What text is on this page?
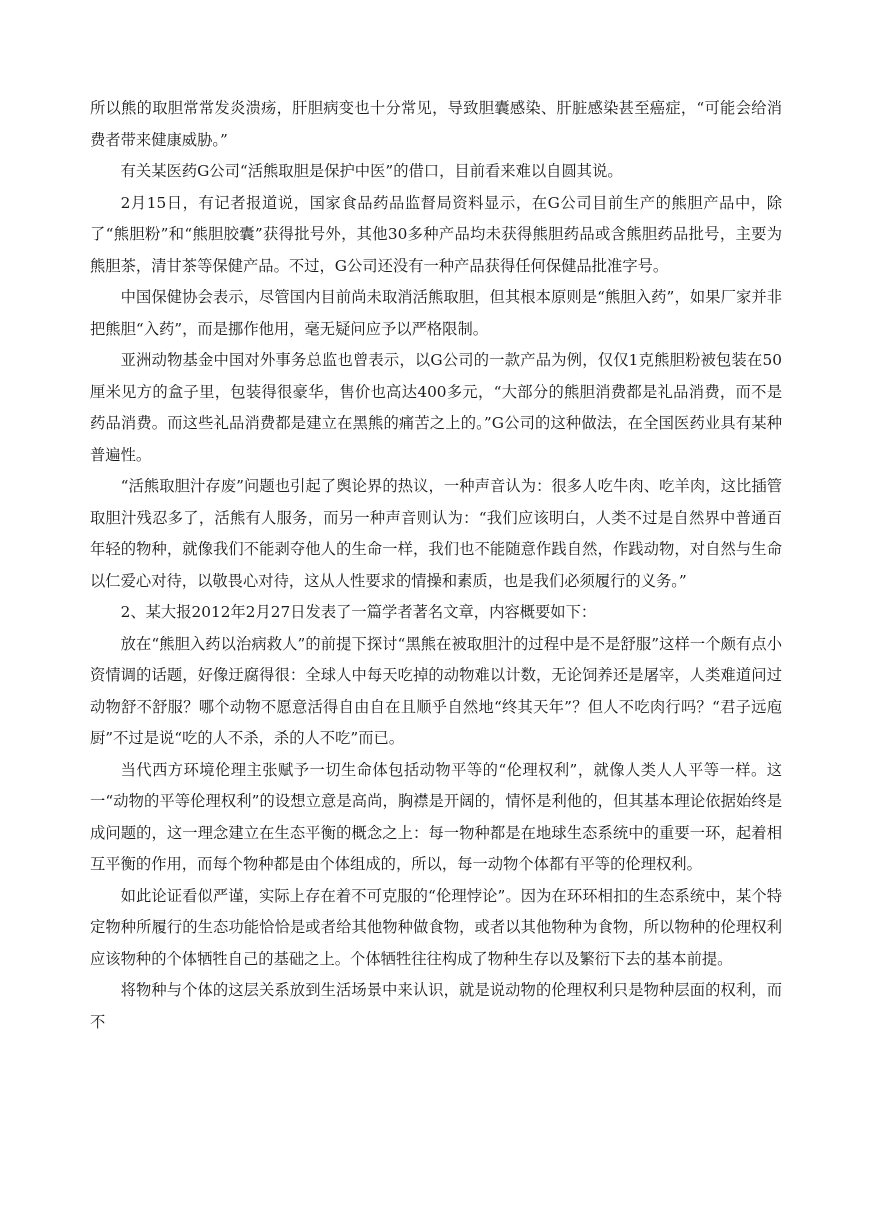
所以熊的取胆常常发炎溃疡，肝胆病变也十分常见，导致胆囊感染、肝脏感染甚至癌症，“可能会给消费者带来健康威胁。”

有关某医药G公司“活熊取胆是保护中医”的借口，目前看来难以自圆其说。

2月15日，有记者报道说，国家食品药品监督局资料显示，在G公司目前生产的熊胆产品中，除了“熊胆粉”和“熊胆胶囊”获得批号外，其他30多种产品均未获得熊胆药品或含熊胆药品批号，主要为熊胆茶，清甘茶等保健产品。不过，G公司还没有一种产品获得任何保健品批准字号。

中国保健协会表示，尽管国内目前尚未取消活熊取胆，但其根本原则是“熊胆入药”，如果厂家并非把熊胆“入药”，而是挪作他用，毫无疑问应予以严格限制。

亚洲动物基金中国对外事务总监也曾表示，以G公司的一款产品为例，仅仅1克熊胆粉被包装在50厘米见方的盒子里，包装得很豪华，售价也高达400多元，“大部分的熊胆消费都是礼品消费，而不是药品消费。而这些礼品消费都是建立在黑熊的痛苦之上的。”G公司的这种做法，在全国医药业具有某种普遍性。

“活熊取胆汁存废”问题也引起了舆论界的热议，一种声音认为：很多人吃牛肉、吃羊肉，这比插管取胆汁残忍多了，活熊有人服务，而另一种声音则认为：“我们应该明白，人类不过是自然界中普通百年轻的物种，就像我们不能剥夺他人的生命一样，我们也不能随意作践自然，作践动物，对自然与生命以仁爱心对待，以敬畏心对待，这从人性要求的情操和素质，也是我们必须履行的义务。”

2、某大报2012年2月27日发表了一篇学者著名文章，内容概要如下：

放在“熊胆入药以治病救人”的前提下探讨“黑熊在被取胆汁的过程中是不是舒服”这样一个颇有点小资情调的话题，好像迂腐得很：全球人中每天吃掉的动物难以计数，无论饲养还是屠宰，人类难道问过动物舒不舒服？哪个动物不愿意活得自由自在且顺乎自然地“终其天年”？但人不吃肉行吗？“君子远庖厨”不过是说“吃的人不杀，杀的人不吃”而已。

当代西方环境伦理主张赋予一切生命体包括动物平等的“伦理权利”，就像人类人人平等一样。这一“动物的平等伦理权利”的设想立意是高尚，胸襟是开阔的，情怀是利他的，但其基本理论依据始终是成问题的，这一理念建立在生态平衡的概念之上：每一物种都是在地球生态系统中的重要一环，起着相互平衡的作用，而每个物种都是由个体组成的，所以，每一动物个体都有平等的伦理权利。

如此论证看似严谨，实际上存在着不可克服的“伦理悖论”。因为在环环相扣的生态系统中，某个特定物种所履行的生态功能恰恰是或者给其他物种做食物，或者以其他物种为食物，所以物种的伦理权利应该物种的个体牺牲自己的基础之上。个体牺牲往往构成了物种生存以及繁衍下去的基本前提。

将物种与个体的这层关系放到生活场景中来认识，就是说动物的伦理权利只是物种层面的权利，而不
